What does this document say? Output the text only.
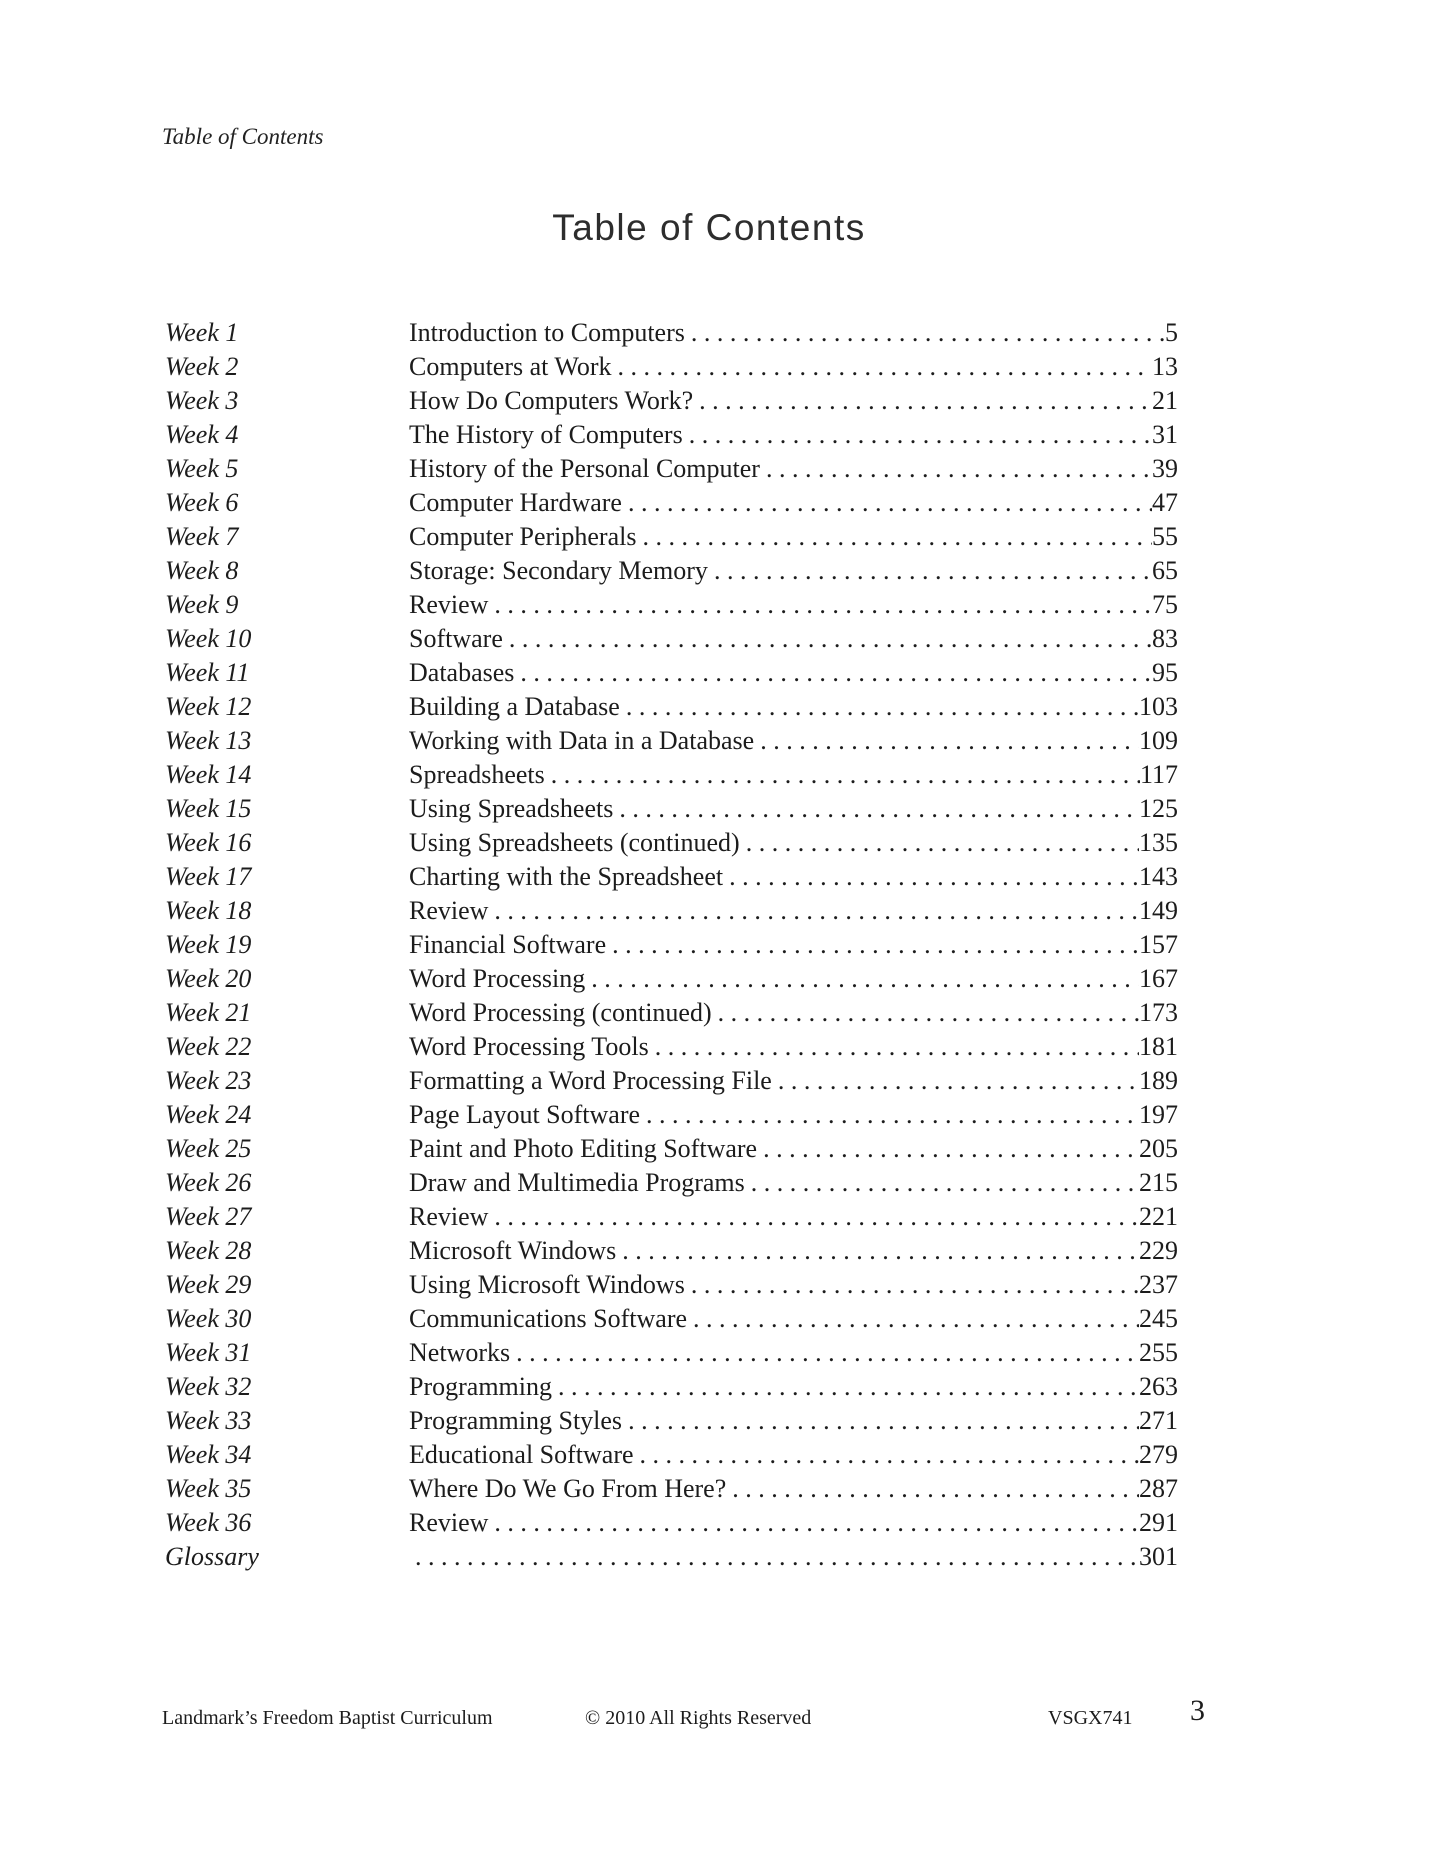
Table of Contents
Table of Contents
Week 1	Introduction to Computers . . .	5
Week 2	Computers at Work . . .	13
Week 3	How Do Computers Work? . . .	21
Week 4	The History of Computers . . .	31
Week 5	History of the Personal Computer . . .	39
Week 6	Computer Hardware . . .	47
Week 7	Computer Peripherals . . .	55
Week 8	Storage: Secondary Memory . . .	65
Week 9	Review . . .	75
Week 10	Software . . .	83
Week 11	Databases . . .	95
Week 12	Building a Database . . .	103
Week 13	Working with Data in a Database . . .	109
Week 14	Spreadsheets . . .	117
Week 15	Using Spreadsheets . . .	125
Week 16	Using Spreadsheets (continued) . . .	135
Week 17	Charting with the Spreadsheet . . .	143
Week 18	Review . . .	149
Week 19	Financial Software . . .	157
Week 20	Word Processing . . .	167
Week 21	Word Processing (continued) . . .	173
Week 22	Word Processing Tools . . .	181
Week 23	Formatting a Word Processing File . . .	189
Week 24	Page Layout Software . . .	197
Week 25	Paint and Photo Editing Software . . .	205
Week 26	Draw and Multimedia Programs . . .	215
Week 27	Review . . .	221
Week 28	Microsoft Windows . . .	229
Week 29	Using Microsoft Windows . . .	237
Week 30	Communications Software . . .	245
Week 31	Networks . . .	255
Week 32	Programming . . .	263
Week 33	Programming Styles . . .	271
Week 34	Educational Software . . .	279
Week 35	Where Do We Go From Here? . . .	287
Week 36	Review . . .	291
Glossary . . .	301
Landmark’s Freedom Baptist Curriculum	© 2010 All Rights Reserved	VSGX741 3
